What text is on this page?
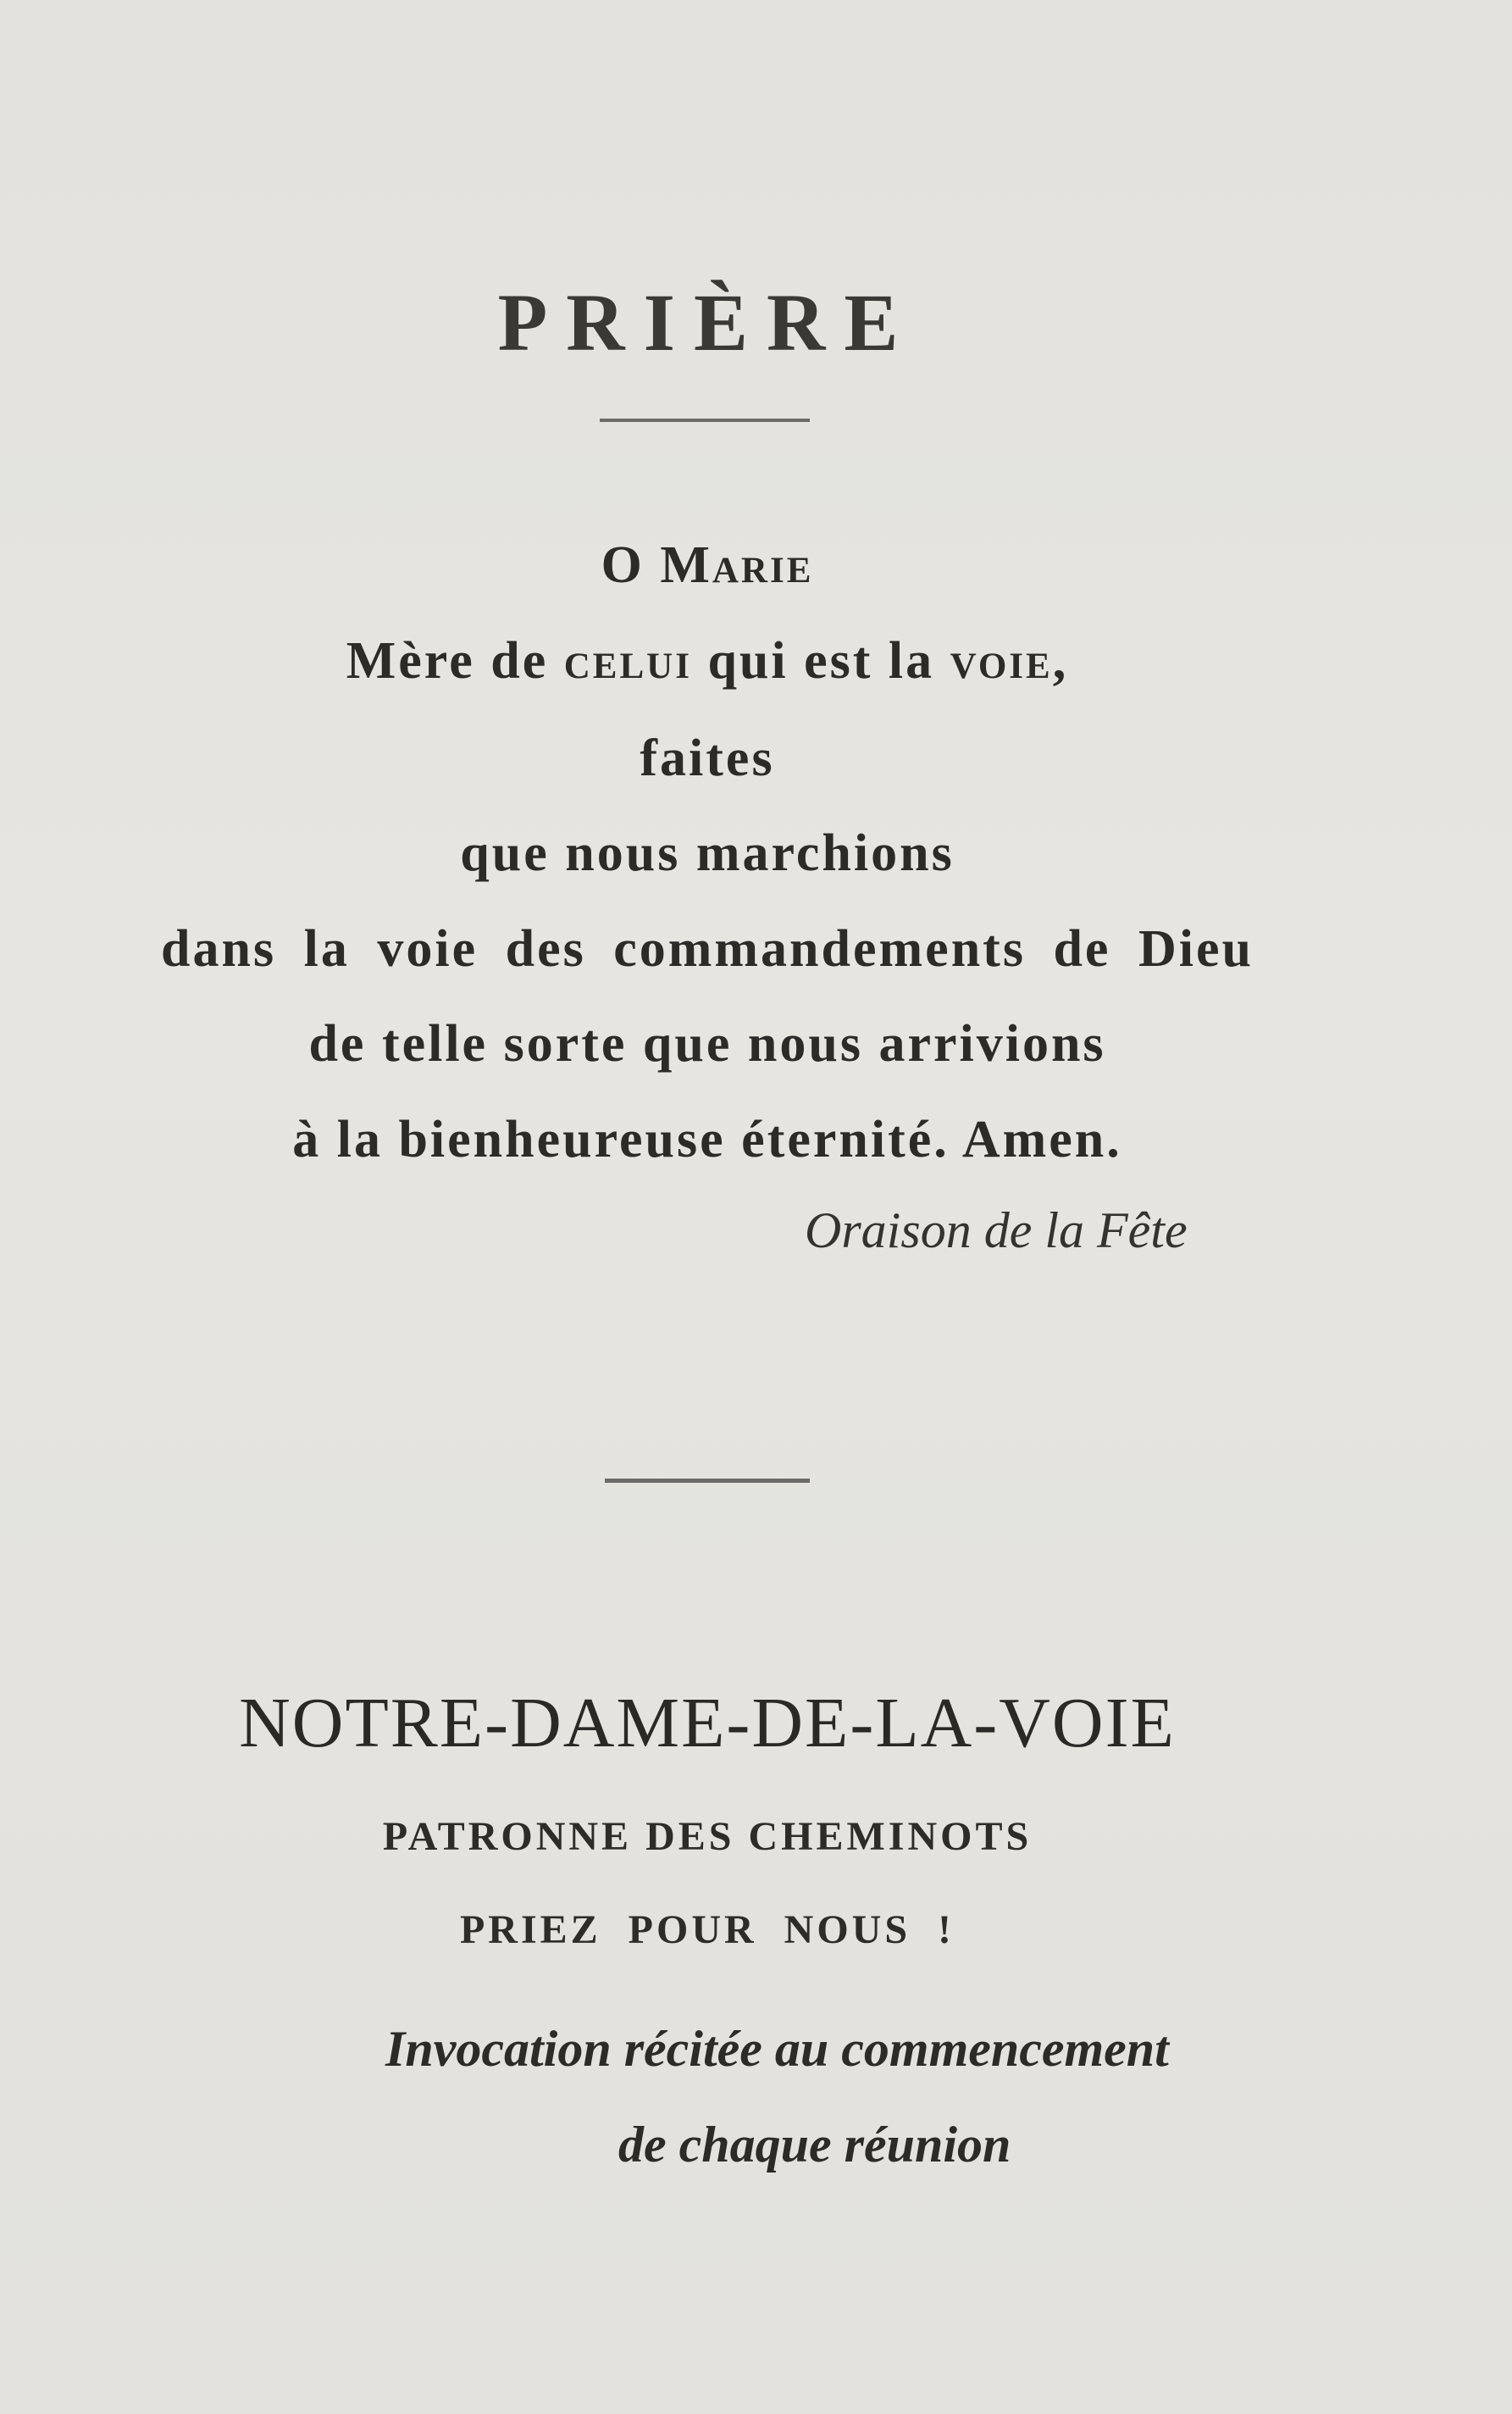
PRIÈRE
O Marie
Mère de celui qui est la voie,
faites
que nous marchions
dans la voie des commandements de Dieu
de telle sorte que nous arrivions
à la bienheureuse éternité. Amen.
Oraison de la Fête
NOTRE-DAME-DE-LA-VOIE
PATRONNE DES CHEMINOTS
PRIEZ POUR NOUS !
Invocation récitée au commencement
de chaque réunion
